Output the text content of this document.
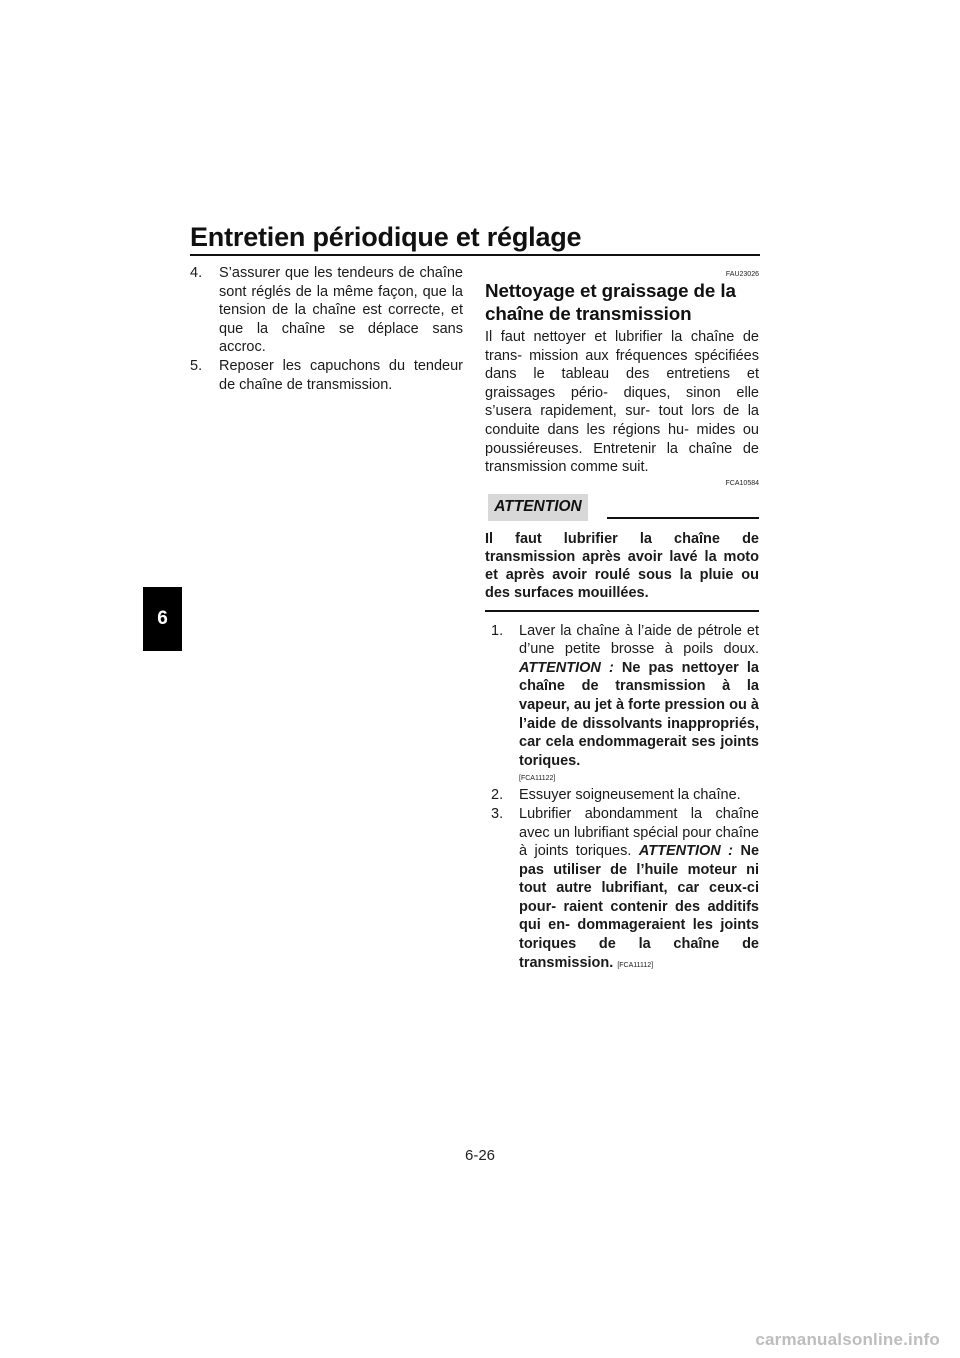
Entretien périodique et réglage
6
4. S’assurer que les tendeurs de chaîne sont réglés de la même façon, que la tension de la chaîne est correcte, et que la chaîne se déplace sans accroc.
5. Reposer les capuchons du tendeur de chaîne de transmission.
FAU23026
Nettoyage et graissage de la chaîne de transmission

Il faut nettoyer et lubrifier la chaîne de trans- mission aux fréquences spécifiées dans le tableau des entretiens et graissages pério- diques, sinon elle s’usera rapidement, sur- tout lors de la conduite dans les régions hu- mides ou poussiéreuses. Entretenir la chaîne de transmission comme suit.

FCA10584
ATTENTION
Il faut lubrifier la chaîne de transmission après avoir lavé la moto et après avoir roulé sous la pluie ou des surfaces mouillées.
1. Laver la chaîne à l’aide de pétrole et d’une petite brosse à poils doux. ATTENTION : Ne pas nettoyer la chaîne de transmission à la vapeur, au jet à forte pression ou à l’aide de dissolvants inappropriés, car cela endommagerait ses joints toriques.
[FCA11122]
2. Essuyer soigneusement la chaîne.
3. Lubrifier abondamment la chaîne avec un lubrifiant spécial pour chaîne à joints toriques. ATTENTION : Ne pas utiliser de l’huile moteur ni tout autre lubrifiant, car ceux-ci pour- raient contenir des additifs qui en- dommageraient les joints toriques de la chaîne de transmission. [FCA11112]
6-26
carmanualsonline.info
